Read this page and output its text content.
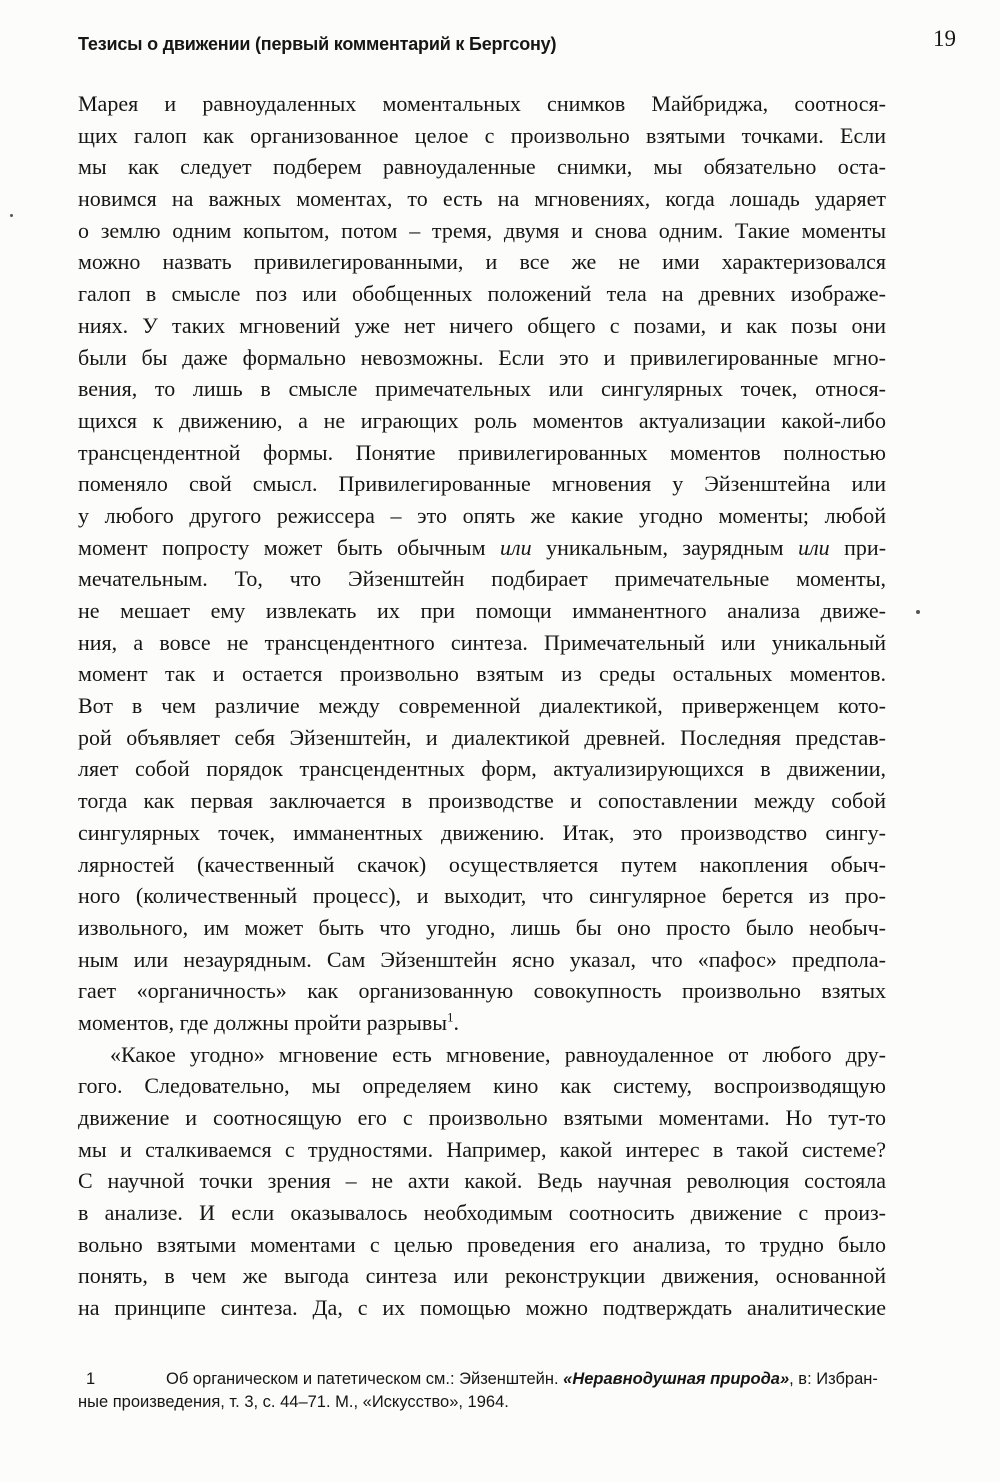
Тезисы о движении (первый комментарий к Бергсону)	19
Марея и равноудаленных моментальных снимков Майбриджа, соотнося-
щих галоп как организованное целое с произвольно взятыми точками. Если
мы как следует подберем равноудаленные снимки, мы обязательно оста-
новимся на важных моментах, то есть на мгновениях, когда лошадь ударяет
о землю одним копытом, потом – тремя, двумя и снова одним. Такие моменты
можно назвать привилегированными, и все же не ими характеризовался
галоп в смысле поз или обобщенных положений тела на древних изображе-
ниях. У таких мгновений уже нет ничего общего с позами, и как позы они
были бы даже формально невозможны. Если это и привилегированные мгно-
вения, то лишь в смысле примечательных или сингулярных точек, относя-
щихся к движению, а не играющих роль моментов актуализации какой-либо
трансцендентной формы. Понятие привилегированных моментов полностью
поменяло свой смысл. Привилегированные мгновения у Эйзенштейна или
у любого другого режиссера – это опять же какие угодно моменты; любой
момент попросту может быть обычным или уникальным, заурядным или при-
мечательным. То, что Эйзенштейн подбирает примечательные моменты,
не мешает ему извлекать их при помощи имманентного анализа движе-
ния, а вовсе не трансцендентного синтеза. Примечательный или уникальный
момент так и остается произвольно взятым из среды остальных моментов.
Вот в чем различие между современной диалектикой, приверженцем кото-
рой объявляет себя Эйзенштейн, и диалектикой древней. Последняя представ-
ляет собой порядок трансцендентных форм, актуализирующихся в движении,
тогда как первая заключается в производстве и сопоставлении между собой
сингулярных точек, имманентных движению. Итак, это производство сингу-
лярностей (качественный скачок) осуществляется путем накопления обыч-
ного (количественный процесс), и выходит, что сингулярное берется из про-
извольного, им может быть что угодно, лишь бы оно просто было необыч-
ным или незаурядным. Сам Эйзенштейн ясно указал, что «пафос» предпола-
гает «органичность» как организованную совокупность произвольно взятых
моментов, где должны пройти разрывы$^1$.
«Какое угодно» мгновение есть мгновение, равноудаленное от любого дру-
гого. Следовательно, мы определяем кино как систему, воспроизводящую
движение и соотносящую его с произвольно взятыми моментами. Но тут-то
мы и сталкиваемся с трудностями. Например, какой интерес в такой системе?
С научной точки зрения – не ахти какой. Ведь научная революция состояла
в анализе. И если оказывалось необходимым соотносить движение с произ-
вольно взятыми моментами с целью проведения его анализа, то трудно было
понять, в чем же выгода синтеза или реконструкции движения, основанной
на принципе синтеза. Да, с их помощью можно подтверждать аналитические
1	Об органическом и патетическом см.: Эйзенштейн. «Неравнодушная природа», в: Избран-
ные произведения, т. 3, с. 44–71. М., «Искусство», 1964.
